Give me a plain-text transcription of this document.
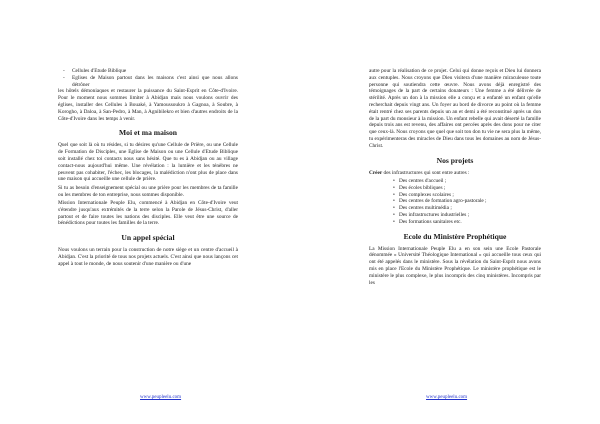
- Cellules d'Etude Biblique
- Eglises de Maison partout dans les maisons c'est ainsi que nous allons détrôner

les hôtels démoniaques et restaurer la puissance du Saint-Esprit en Côte-d'Ivoire. Pour le moment nous sommes limiter à Abidjan mais nous voulons ouvrir des églises, installer des Cellules à Bouaké, à Yamoussoukro à Gagnoa, à Soubre, à Korogho, à Daloa, à San-Pedro, à Man, à Agnibilekro et bien d'autres endroits de la Côte-d'Ivoire dans les temps à venir.

Moi et ma maison

Quel que soit là où tu résides, si tu désires qu'une Cellule de Prière, ou une Cellule de Formation de Disciples, une Eglise de Maison ou une Cellule d'Etude Biblique soit installé chez toi contacts nous sans hésité. Que tu es à Abidjan ou au village contact-nous aujourd'hui même. Une révélation : la lumière et les ténèbres ne peuvent pas cohabiter, l'échec, les blocages, la malédiction n'ont plus de place dans une maison qui accueille une cellule de prière.

Si tu as besoin d'enseignement spécial ou une prière pour les membres de ta famille ou les membres de ton entreprise, nous sommes disponible.

Mission Internationale Peuple Elu, commencé à Abidjan en Côte-d'Ivoire veut s'étendre jusqu'aux extrémités de la terre selon la Parole de Jésus-Christ, d'aller partout et de faire toutes les nations des disciples. Elle veut être une source de bénédictions pour toutes les familles de la terre.

Un appel spécial

Nous voulons un terrain pour la construction de notre siège et un centre d'accueil à Abidjan. C'est la priorité de tous nos projets actuels. C'est ainsi que nous lançons cet appel à tout le monde, de nous soutenir d'une manière ou d'une

www.peupleelu.com

autre pour la réalisation de ce projet. Celui qui donne reçois et Dieu lui donnera aux centuples. Nous croyons que Dieu visitera d'une manière miraculeuse toute personne qui soutiendra cette œuvre. Nous avons déjà enregistré des témoignages de la part de certains donateurs : Une femme a été délivrée de stérilité. Après un don à la mission elle a conçu et a enfanté un enfant qu'elle recherchait depuis vingt ans. Un foyer au bord de divorce au point où la femme était rentré chez ses parents depuis un an et demi a été reconstitué après un don de la part du monsieur à la mission. Un enfant rebelle qui avait déserté la famille depuis trois ans est revenu, des affaires ont percées après des dons pour ne citer que ceux-là. Nous croyons que quel que soit ton don tu vie ne sera plus la même, tu expérimenteras des miracles de Dieu dans tous les domaines au nom de Jésus-Christ.

Nos projets

Créer des infrastructures qui sont entre autres :

• Des centres d'accueil ;
• Des écoles bibliques ;
• Des complexes scolaires ;
• Des centres de formation agro-pastorale ;
• Des centres multimédia ;
• Des infrastructures industrielles ;
• Des formations sanitaires etc.
Ecole du Ministère Prophétique

La Mission Internationale Peuple Elu a en son sein une Ecole Pastorale dénommée « Université Théologique International » qui accueille tous ceux qui ont été appelés dans le ministère. Sous la révélation du Saint-Esprit nous avons mis en place l'Ecole du Ministère Prophétique. Le ministère prophétique est le ministère le plus complexe, le plus incompris des cinq ministères. Incompris par les

www.peupleelu.com
